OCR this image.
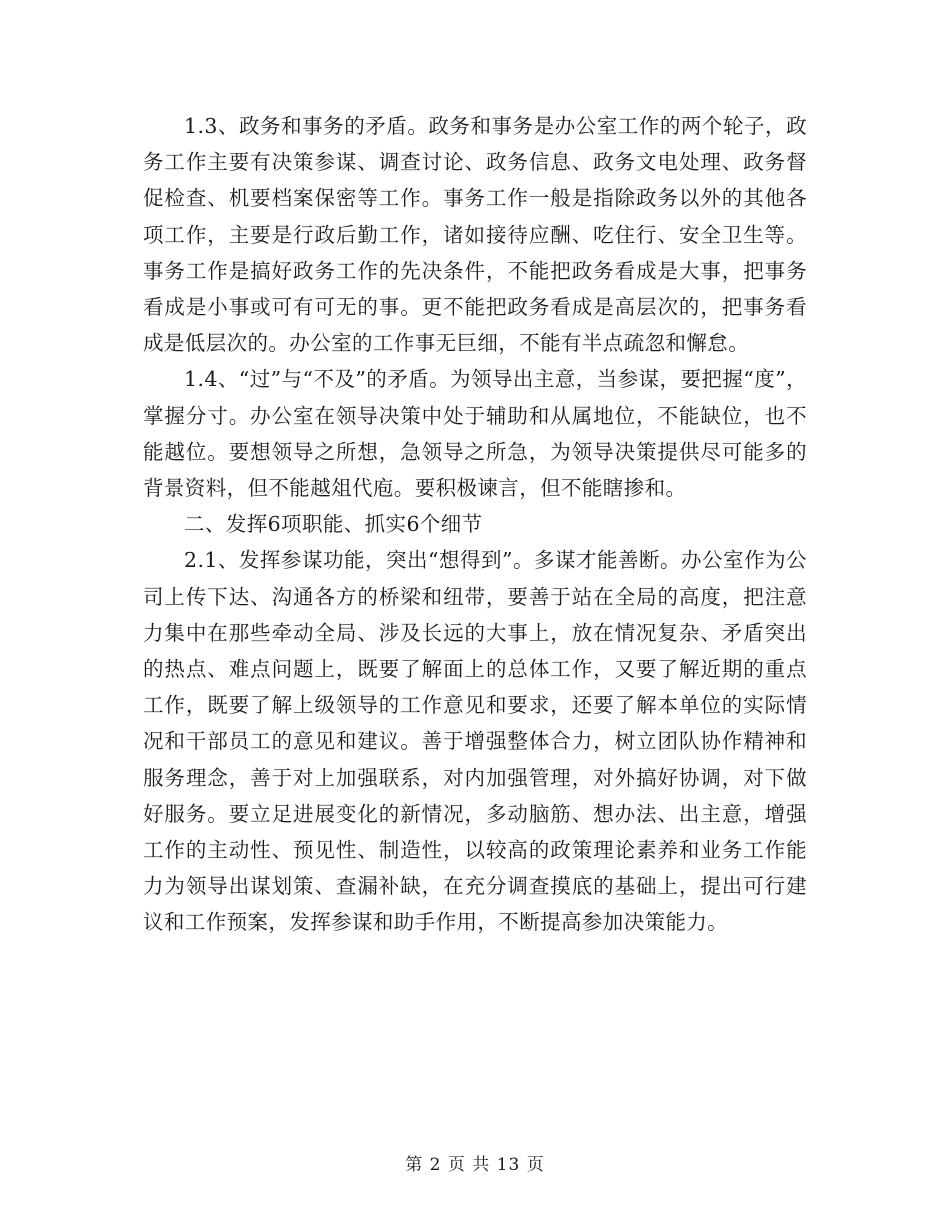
1.3、政务和事务的矛盾。政务和事务是办公室工作的两个轮子，政务工作主要有决策参谋、调查讨论、政务信息、政务文电处理、政务督促检查、机要档案保密等工作。事务工作一般是指除政务以外的其他各项工作，主要是行政后勤工作，诸如接待应酬、吃住行、安全卫生等。事务工作是搞好政务工作的先决条件，不能把政务看成是大事，把事务看成是小事或可有可无的事。更不能把政务看成是高层次的，把事务看成是低层次的。办公室的工作事无巨细，不能有半点疏忽和懈怠。

1.4、“过”与“不及”的矛盾。为领导出主意，当参谋，要把握“度”，掌握分寸。办公室在领导决策中处于辅助和从属地位，不能缺位，也不能越位。要想领导之所想，急领导之所急，为领导决策提供尽可能多的背景资料，但不能越俎代庖。要积极谏言，但不能瞎掺和。

二、发挥6项职能、抓实6个细节

2.1、发挥参谋功能，突出“想得到”。多谋才能善断。办公室作为公司上传下达、沟通各方的桥梁和纽带，要善于站在全局的高度，把注意力集中在那些牵动全局、涉及长远的大事上，放在情况复杂、矛盾突出的热点、难点问题上，既要了解面上的总体工作，又要了解近期的重点工作，既要了解上级领导的工作意见和要求，还要了解本单位的实际情况和干部员工的意见和建议。善于增强整体合力，树立团队协作精神和服务理念，善于对上加强联系，对内加强管理，对外搞好协调，对下做好服务。要立足进展变化的新情况，多动脑筋、想办法、出主意，增强工作的主动性、预见性、制造性，以较高的政策理论素养和业务工作能力为领导出谋划策、查漏补缺，在充分调查摸底的基础上，提出可行建议和工作预案，发挥参谋和助手作用，不断提高参加决策能力。

第 2 页 共 13 页
